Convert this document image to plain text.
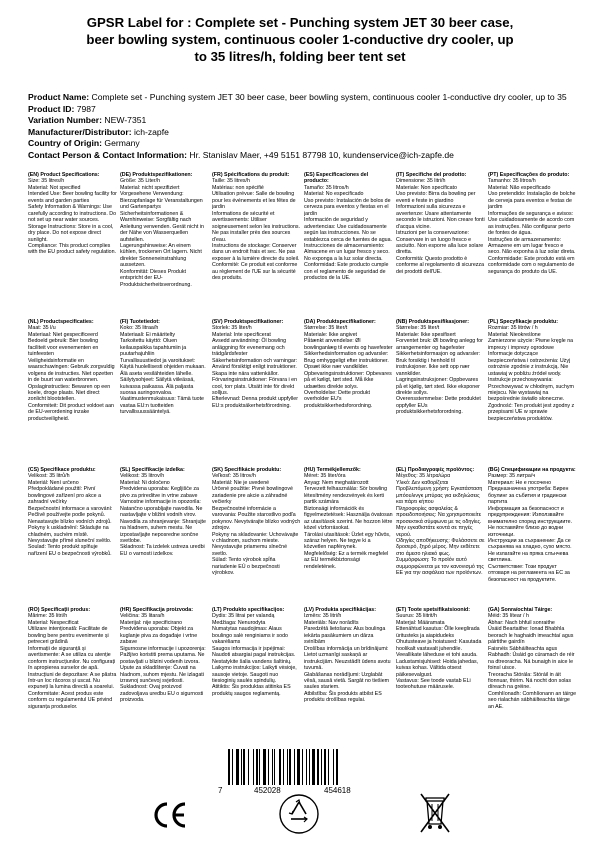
GPSR Label for : Complete set - Punching system JET 30 beer case,
beer bowling system, continuous cooler 1-conductive dry cooler, up
to 35 litres/h, folding beer tent set
Product Name: Complete set - Punching system JET 30 beer case, beer bowling system, continuous cooler 1-conductive dry cooler, up to 35
Product ID: 7987
Variation Number: NEW-7351
Manufacturer/Distributor: ich-zapfe
Country of Origin: Germany
Contact Person & Contact Information: Hr. Stanislav Maer, +49 5151 87798 10, kundenservice@ich-zapfe.de
(EN) Product Specifications:
Size: 35 litres/h
Material: Not specified
Intended Use: Beer bowling facility for events and garden parties
Safety Information & Warnings: Use carefully according to instructions. Do not set up near water sources.
Storage Instructions: Store in a cool, dry place. Do not expose direct sunlight.
Compliance: This product complies with the EU product safety regulation.
(DE) Produktspezifikationen:
Größe: 35 Liter/h
Material: nicht spezifiziert
Vorgesehene Verwendung: Bierzapfanlage für Veranstaltungen und Gartenpartys
Sicherheitsinformationen & Warnhinweise: Sorgfältig nach Anleitung verwenden. Gerät nicht in der Nähe von Wasserquellen aufstellen.
Lagerungshinweise: An einem kühlen, trockenen Ort lagern. Nicht direkter Sonneneinstrahlung aussetzen.
Konformität: Dieses Produkt entspricht der EU-Produktsicherheitsverordnung.
(FR) Spécifications du produit:
Taille: 35 litres/h
Matériau: non spécifié
Utilisation prévue: Salle de bowling pour les événements et les fêtes de jardin
Informations de sécurité et avertissements: Utiliser soigneusement selon les instructions. Ne pas installer près des sources d'eau.
Instructions de stockage: Conserver dans un endroit frais et sec. Ne pas exposer à la lumière directe du soleil.
Conformité: Ce produit est conforme au règlement de l'UE sur la sécurité des produits.
(ES) Especificaciones del producto:
Tamaño: 35 litros/h
Material: No especificado
Uso previsto: Instalación de bolos de cerveza para eventos y fiestas en el jardín
Información de seguridad y advertencias: Use cuidadosamente según las instrucciones. No se establezca cerca de fuentes de agua.
Instrucciones de almacenamiento: Almacene en un lugar fresco y seco. No exponga a la luz solar directa.
Conformidad: Este producto cumple con el reglamento de seguridad de productos de la UE.
(IT) Specifiche del prodotto:
Dimensione: 35 litri/h
Materiale: Non specificato
Uso previsto: Birra da bowling per eventi e feste in giardino
Informazioni sulla sicurezza e avvertenze: Usare attentamente secondo le istruzioni. Non creare fonti d'acqua vicine.
Istruzioni per la conservazione: Conservare in un luogo fresco e asciutto. Non esporre alla luce solare diretta.
Conformità: Questo prodotto è conforme al regolamento di sicurezza dei prodotti dell'UE.
(PT) Especificações do produto:
Tamanho: 35 litros/h
Material: Não especificado
Uso pretendido: Instalação de bolche de cerveja para eventos e festas de jardim
Informações de segurança e avisos: Use cuidadosamente de acordo com as instruções. Não configurar perto de fontes de água.
Instruções de armazenamento: Armazene em um lugar fresco e seco. Não exponha à luz solar direta.
Conformidade: Este produto está em conformidade com o regulamento de segurança do produto da UE.
(NL) Productspecificaties:
Maat: 35 l/u
Materiaal: Niet gespecificeerd
Bedoeld gebruik: Bier bowling faciliteit voor evenementen en tuinfeesten
Veiligheidsinformatie en waarschuwingen: Gebruik zorgvuldig volgens de instructies. Niet opzetten in de buurt van waterbronnen.
Opslaginstructies: Bewaren op een koele, droge plaats. Niet direct zonlicht blootstellen.
Conformiteit: Dit product voldoet aan de EU-verordening inzake productveiligheid.
(FI) Tuotetiedot:
Koko: 35 litraa/h
Materiaali: Ei määritelty
Tarkoitettu käyttö: Oluen keilauspaikka tapahtumiin ja puutarhajuhliin
Turvallisuustiedot ja varoitukset: Käytä huolellisesti ohjeiden mukaan. Älä aseta vesilähteiden lähelle.
Säilytysohjeet: Säilytä viileässä, kuivassa paikassa. Älä paljasta suoraa auringonvaloa.
Vaatimustenmukaisuus: Tämä tuote vastaa EU:n tuotteiden turvallisuussääntelyä.
(SV) Produktspecifikationer:
Storlek: 35 liter/h
Material: Inte specificerat
Avsedd användning: Öl bowling anläggning för evenemang och trädgårdsfester
Säkerhetsinformation och varningar: Använd försiktigt enligt instruktioner. Skapa inte nära vattenkällor.
Förvaringsinstruktioner: Förvara i en cool, torr plats. Utsätt inte för direkt solljus.
Efterlevnad: Denna produkt uppfyller EU:s produktsäkerhetsförordning.
(DA) Produktspecifikationer:
Størrelse: 35 liter/t
Materiale: Ikke angivet
Påtænkt anvendelse: Øl bowlinganlæg til events og havefester
Sikkerhedsinformation og advarsler: Brug omhyggeligt efter instruktioner. Opsæt ikke nær vandkilder.
Opbevaringsinstruktioner: Opbevares på et køligt, tørt sted. Må ikke udsættes direkte solys.
Overholdelse: Dette produkt overholder EU's produktsikkerhedsforordning.
(NB) Produktspesifikasjoner:
Størrelse: 35 liter/t
Materiale: Ikke spesifisert
Forventet bruk: Øl bowling anlegg for arrangementer og hagefester
Sikkerhetsinformasjon og advarsler: Bruk forsiktig i henhold til instruksjoner. Ikke sett opp nær vannkilder.
Lagringsinstruksjoner: Oppbevares på et kjølig, tørt sted. Ikke eksponer direkte sollys.
Overensstemmelse: Dette produktet oppfyller EUs produktsikkerhetsforordning.
(PL) Specyfikacje produktu:
Rozmiar: 35 litrów / h
Materiał: Nieokreślone
Zamierzone użycie: Piwne kręgle na imprezy i imprezy ogrodowe
Informacje dotyczące bezpieczeństwa i ostrzeżenia: Użyj ostrożnie zgodnie z instrukcją. Nie ustawiaj w pobliżu źródeł wody.
Instrukcje przechowywania: Przechowywać w chłodnym, suchym miejscu. Nie wystawiaj na bezpośrednie światło słoneczne.
Zgodność: Ten produkt jest zgodny z przepisami UE w sprawie bezpieczeństwa produktów.
(CS) Specifikace produktu:
Velikost: 35 litrů/h
Materiál: Není určeno
Předpokládané použití: Pivní bowlingové zařízení pro akce a zahradní večírky
Bezpečnostní informace a varování: Pečlivě používejte podle pokynů. Nenastavujte blízko vodních zdrojů.
Pokyny k uskladnění: Skladujte na chladném, suchém místě. Nevystavujte přímé sluneční světlo.
Soulad: Tento produkt splňuje nařízení EU o bezpečnosti výrobků.
(SL) Specifikacije izdelka:
Velikost: 35 litrov/h
Material: Ni določeno
Predvidena uporaba: Kegljišče za pivo za prireditve in vrtne zabave
Varnostne informacije in opozorila: Natančno uporabljajte navodila. Ne nastavljajte v bližini vodnih virov.
Navodila za shranjevanje: Shranjujte na hladnem, suhem mestu. Ne izpostavljajte neposredne sončne svetlobe.
Skladnost: Ta izdelek ustreza uredbi EU o varnosti izdelkov.
(SK) Špecifikácie produktu:
Veľkosť: 35 litrov/h
Materiál: Nie je uvedené
Určené použitie: Pivné bowlingové zariadenie pre akcie a záhradné večierky
Bezpečnostné informácie a varovania: Použite starostlivo podľa pokynov. Nevytvárajte blízko vodných zdrojov.
Pokyny na skladovanie: Uchovávajte v chladnom, suchom mieste. Nevystavujte priamemu slnečné svetlo.
Súlad: Tento výrobok spĺňa nariadenie EÚ o bezpečnosti výrobkov.
(HU) Termékjellemzők:
Méret: 35 liter/óra
Anyag: Nem meghatározott
Tervezett felhasználás: Sör bowling létesítmény rendezvények és kerti partik számára
Biztonsági információk és figyelmeztetések: Használja óvatosan az utasítások szerint. Ne hozzon létre közel vízforrásokat.
Tárolási utasítások: Üzlet egy hűvös, száraz helyen. Ne tegye ki a közvetlen napfénynek.
Megfelelőség: Ez a termék megfelel az EU termékbiztonsági rendeletének.
(EL) Προδιαγραφές προϊόντος:
Μέγεθος: 35 λίτρα/ώρα
Υλικό: Δεν καθορίζεται
Προβλεπόμενη χρήση: Εγκατάσταση μπόουλινγκ μπύρας για εκδηλώσεις και πάρτι κήπου
Πληροφορίες ασφαλείας & προειδοποιήσεις: Να χρησιμοποιείτε προσεκτικά σύμφωνα με τις οδηγίες. Μην εγκαθιστάτε κοντά σε πηγές νερού.
Οδηγίες αποθήκευσης: Φυλάσσετε σε δροσερό, ξηρό μέρος. Μην εκθέτετε στο άμεσο ηλιακό φως.
Συμμόρφωση: Το προϊόν αυτό συμμορφώνεται με τον κανονισμό της ΕΕ για την ασφάλεια των προϊόντων.
(BG) Спецификации на продукта:
Размер: 35 литра/ч
Материал: Не е посочено
Предназначена употреба: Бирен боулинг за събития и градински партита
Информация за безопасност и предупреждения: Използвайте внимателно според инструкциите. Не поставяйте близо до водни източници.
Инструкции за съхранение: Да се съхранява на хладно, сухо място. Не излагайте на пряка слънчева светлина.
Съответствие: Този продукт отговаря на регламента на ЕС за безопасност на продуктите.
(RO) Specificații produs:
Mărime: 35 litri/h
Material: Nespecificat
Utilizare intenționată: Facilitate de bowling bere pentru evenimente și petreceri grădină
Informații de siguranță și avertismente: A se utiliza cu atenție conform instrucțiunilor. Nu configurați în apropierea surselor de apă.
Instrucțiuni de depozitare: A se păstra într-un loc răcoros și uscat. Nu expuneți la lumina directă a soarelui.
Conformitate: Acest produs este conform cu regulamentul UE privind siguranța produselor.
(HR) Specifikacija proizvoda:
Veličina: 35 litara/h
Materijal: nije specificirano
Predviđena uporaba: Objekt za kuglanje piva za događaje i vrtne zabave
Sigurnosne informacije i upozorenja: Pažljivo koristiti prema uputama. Ne postavljati u blizini vodenih izvora.
Upute za skladištenje: Čuvati na hladnom, suhom mjestu. Ne izlagati izravnoj sunčevoj svjetlosti.
Sukladnost: Ovaj proizvod zadovoljava uredbu EU o sigurnosti proizvoda.
(LT) Produkto specifikacijos:
Dydis: 35 litrai per valandą
Medžiaga: Nenurodyta
Numatytas naudojimas: Alaus boulingo salė renginiams ir sodo vakarėliams
Saugos informacija ir įspėjimai: Naudoti atsargiai pagal instrukcijas. Nestatykite šalia vandens šaltinių.
Laikymo instrukcijos: Laikyti vėsioje, sausoje vietoje. Saugoti nuo tiesioginių saulės spindulių.
Atitiktis: Šis produktas atitinka ES produktų saugos reglamentą.
(LV) Produkta specifikācijas:
Izmērs: 35 litri/h
Materiāls: Nav norādīts
Paredzētā lietošana: Alus boulinga iekārta pasākumiem un dārza svinībām
Drošības informācija un brīdinājumi: Lietot uzmanīgi saskaņā ar instrukcijām. Neuzstādīt ūdens avotu tuvumā.
Glabāšanas norādījumi: Uzglabāt vēsā, sausā vietā. Sargāt no tiešiem saules stariem.
Atbilstība: Šis produkts atbilst ES produktu drošības regulai.
(ET) Toote spetsifikatsioonid:
Suurus: 35 liitrit/h
Materjal: Määramata
Ettenähtud kasutus: Õlle keeglirada üritusteks ja aiapidudeks
Ohutusteave ja hoiatused: Kasutada hoolikalt vastavalt juhendile. Veeallikate läheduse ei tohi asuda.
Ladustamisjuhised: Hoida jahedas, kuivas kohas. Vältida otsest päikesevalgust.
Vastavus: See toode vastab ELi tooteohutuse määrusele.
(GA) Sonraíochtaí Táirge:
Méid: 35 lítear / h
Ábhar: Nach bhfuil sonraithe
Úsáid Beartaithe: Ionad Bhabhla beorach le haghaidh imeachtaí agus páirtithe gairdín
Faisnéis Sábháilteachta agus Rabhadh: Úsáid go cúramach de réir na dtreoracha. Ná bunaigh in aice le foinsí uisce.
Treoracha Stórála: Stóráil in áit fionnuar, thirim. Ná nocht don solas díreach na gréine.
Comhlíonadh: Comhlíonann an táirge seo rialachán sábháilteachta táirge an AE.
7	452028	454618
